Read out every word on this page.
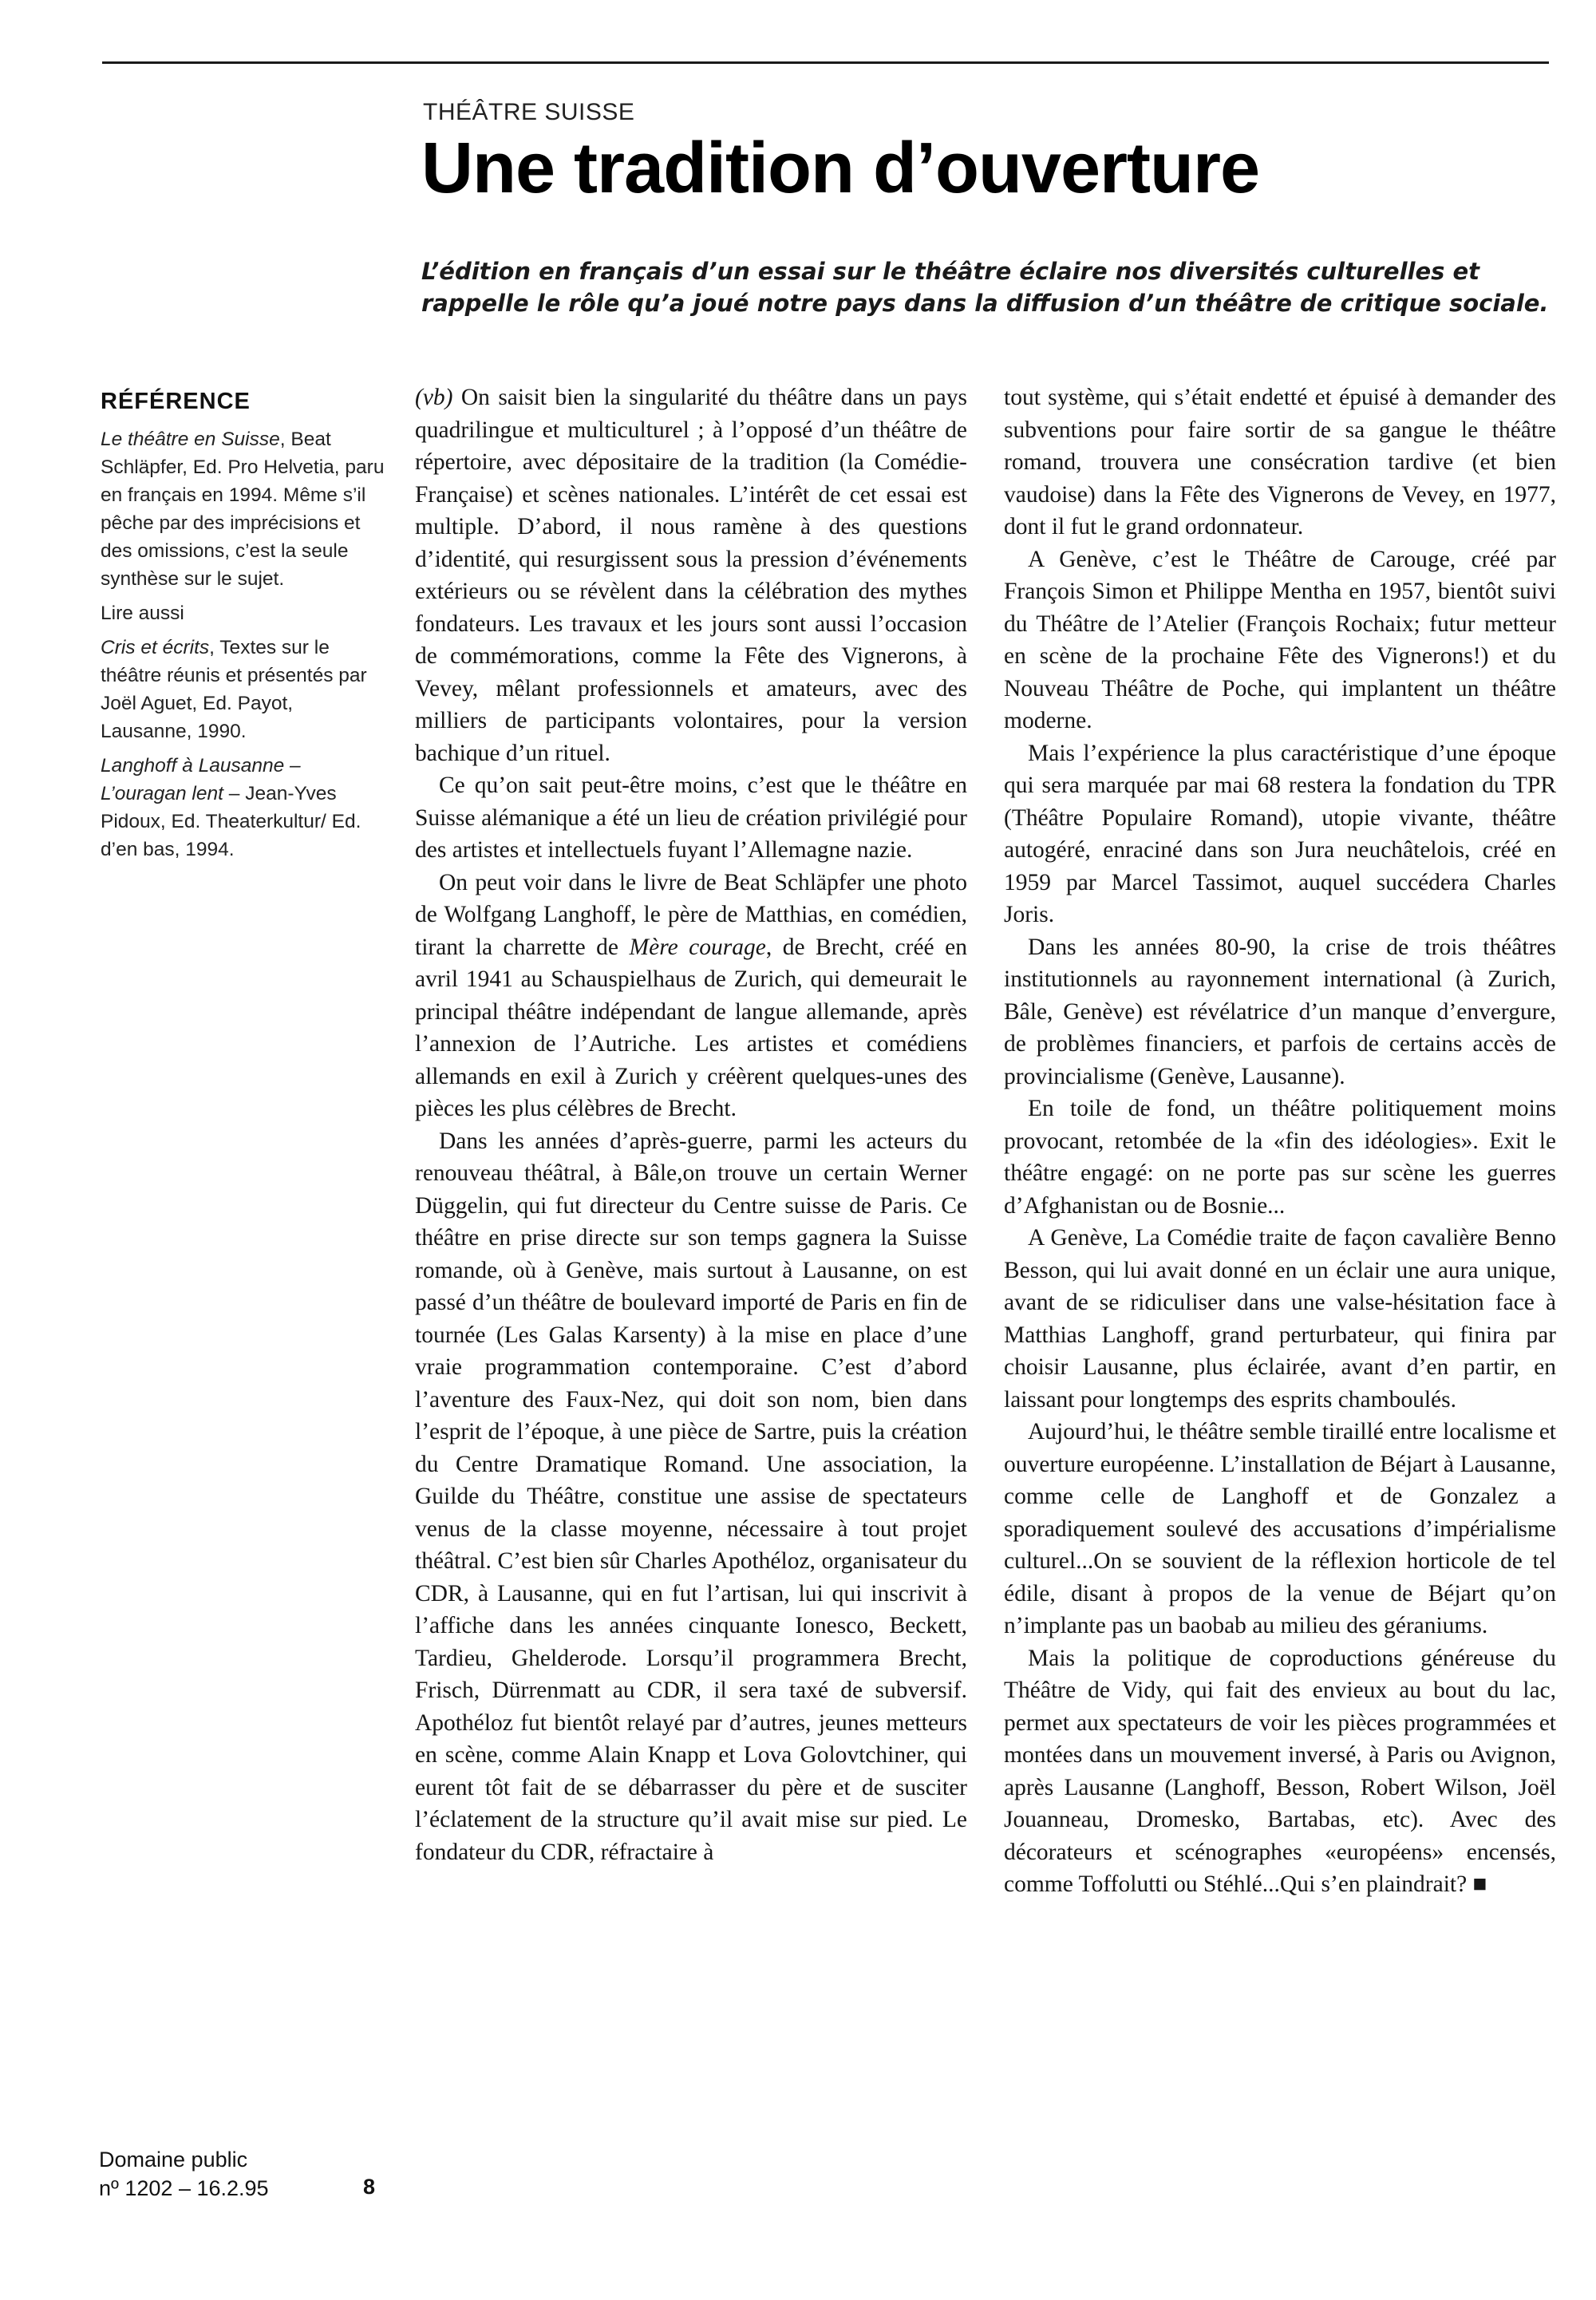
THÉÂTRE SUISSE
Une tradition d’ouverture
L’édition en français d’un essai sur le théâtre éclaire nos diversités culturelles et rappelle le rôle qu’a joué notre pays dans la diffusion d’un théâtre de critique sociale.
RÉFÉRENCE

Le théâtre en Suisse, Beat Schläpfer, Ed. Pro Helvetia, paru en français en 1994. Même s’il pêche par des imprécisions et des omissions, c’est la seule synthèse sur le sujet.

Lire aussi

Cris et écrits, Textes sur le théâtre réunis et présentés par Joël Aguet, Ed. Payot, Lausanne, 1990.

Langhoff à Lausanne – L’ouragan lent – Jean-Yves Pidoux, Ed. Theaterkultur/ Ed. d’en bas, 1994.

Domaine public
nº 1202 – 16.2.95	8

(vb) On saisit bien la singularité du théâtre dans un pays quadrilingue et multiculturel ; à l’opposé d’un théâtre de répertoire, avec dépositaire de la tradition (la Comédie-Française) et scènes nationales. L’intérêt de cet essai est multiple. D’abord, il nous ramène à des questions d’identité, qui resurgissent sous la pression d’événements extérieurs ou se révèlent dans la célébration des mythes fondateurs. Les travaux et les jours sont aussi l’occasion de commémorations, comme la Fête des Vignerons, à Vevey, mêlant professionnels et amateurs, avec des milliers de participants volontaires, pour la version bachique d’un rituel.

Ce qu’on sait peut-être moins, c’est que le théâtre en Suisse alémanique a été un lieu de création privilégié pour des artistes et intellectuels fuyant l’Allemagne nazie.

On peut voir dans le livre de Beat Schläpfer une photo de Wolfgang Langhoff, le père de Matthias, en comédien, tirant la charrette de Mère courage, de Brecht, créé en avril 1941 au Schauspielhaus de Zurich, qui demeurait le principal théâtre indépendant de langue allemande, après l’annexion de l’Autriche. Les artistes et comédiens allemands en exil à Zurich y créèrent quelques-unes des pièces les plus célèbres de Brecht.

Dans les années d’après-guerre, parmi les acteurs du renouveau théâtral, à Bâle,on trouve un certain Werner Düggelin, qui fut directeur du Centre suisse de Paris. Ce théâtre en prise directe sur son temps gagnera la Suisse romande, où à Genève, mais surtout à Lausanne, on est passé d’un théâtre de boulevard importé de Paris en fin de tournée (Les Galas Karsenty) à la mise en place d’une vraie programmation contemporaine. C’est d’abord l’aventure des Faux-Nez, qui doit son nom, bien dans l’esprit de l’époque, à une pièce de Sartre, puis la création du Centre Dramatique Romand. Une association, la Guilde du Théâtre, constitue une assise de spectateurs venus de la classe moyenne, nécessaire à tout projet théâtral. C’est bien sûr Charles Apothéloz, organisateur du CDR, à Lausanne, qui en fut l’artisan, lui qui inscrivit à l’affiche dans les années cinquante Ionesco, Beckett, Tardieu, Ghelderode. Lorsqu’il programmera Brecht, Frisch, Dürrenmatt au CDR, il sera taxé de subversif. Apothéloz fut bientôt relayé par d’autres, jeunes metteurs en scène, comme Alain Knapp et Lova Golovtchiner, qui eurent tôt fait de se débarrasser du père et de susciter l’éclatement de la structure qu’il avait mise sur pied. Le fondateur du CDR, réfractaire à

tout système, qui s’était endetté et épuisé à demander des subventions pour faire sortir de sa gangue le théâtre romand, trouvera une consécration tardive (et bien vaudoise) dans la Fête des Vignerons de Vevey, en 1977, dont il fut le grand ordonnateur.

A Genève, c’est le Théâtre de Carouge, créé par François Simon et Philippe Mentha en 1957, bientôt suivi du Théâtre de l’Atelier (François Rochaix; futur metteur en scène de la prochaine Fête des Vignerons!) et du Nouveau Théâtre de Poche, qui implantent un théâtre moderne.

Mais l’expérience la plus caractéristique d’une époque qui sera marquée par mai 68 restera la fondation du TPR (Théâtre Populaire Romand), utopie vivante, théâtre autogéré, enraciné dans son Jura neuchâtelois, créé en 1959 par Marcel Tassimot, auquel succédera Charles Joris.

Dans les années 80-90, la crise de trois théâtres institutionnels au rayonnement international (à Zurich, Bâle, Genève) est révélatrice d’un manque d’envergure, de problèmes financiers, et parfois de certains accès de provincialisme (Genève, Lausanne).

En toile de fond, un théâtre politiquement moins provocant, retombée de la «fin des idéologies». Exit le théâtre engagé: on ne porte pas sur scène les guerres d’Afghanistan ou de Bosnie...

A Genève, La Comédie traite de façon cavalière Benno Besson, qui lui avait donné en un éclair une aura unique, avant de se ridiculiser dans une valse-hésitation face à Matthias Langhoff, grand perturbateur, qui finira par choisir Lausanne, plus éclairée, avant d’en partir, en laissant pour longtemps des esprits chamboulés.

Aujourd’hui, le théâtre semble tiraillé entre localisme et ouverture européenne. L’installation de Béjart à Lausanne, comme celle de Langhoff et de Gonzalez a sporadiquement soulevé des accusations d’impérialisme culturel...On se souvient de la réflexion horticole de tel édile, disant à propos de la venue de Béjart qu’on n’implante pas un baobab au milieu des géraniums.

Mais la politique de coproductions généreuse du Théâtre de Vidy, qui fait des envieux au bout du lac, permet aux spectateurs de voir les pièces programmées et montées dans un mouvement inversé, à Paris ou Avignon, après Lausanne (Langhoff, Besson, Robert Wilson, Joël Jouanneau, Dromesko, Bartabas, etc). Avec des décorateurs et scénographes «européens» encensés, comme Toffolutti ou Stéhlé...Qui s’en plaindrait? ■
